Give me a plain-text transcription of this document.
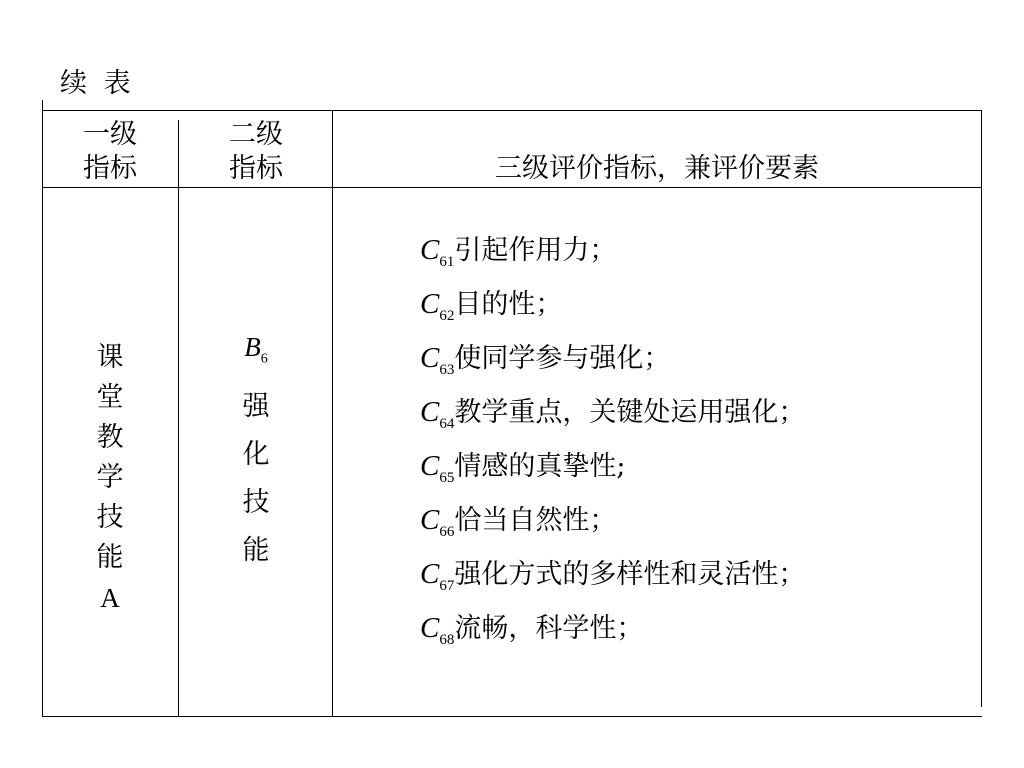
续 表
一级
指标
二级
指标	三级评价指标，兼评价要素
课
堂
教
学
技
能
A
$B_6$
强
化
技
能
$C_{61}$引起作用力；
$C_{62}$目的性；
$C_{63}$使同学参与强化；
$C_{64}$教学重点，关键处运用强化；
$C_{65}$情感的真挚性;
$C_{66}$恰当自然性；
$C_{67}$强化方式的多样性和灵活性；
$C_{68}$流畅，科学性；
